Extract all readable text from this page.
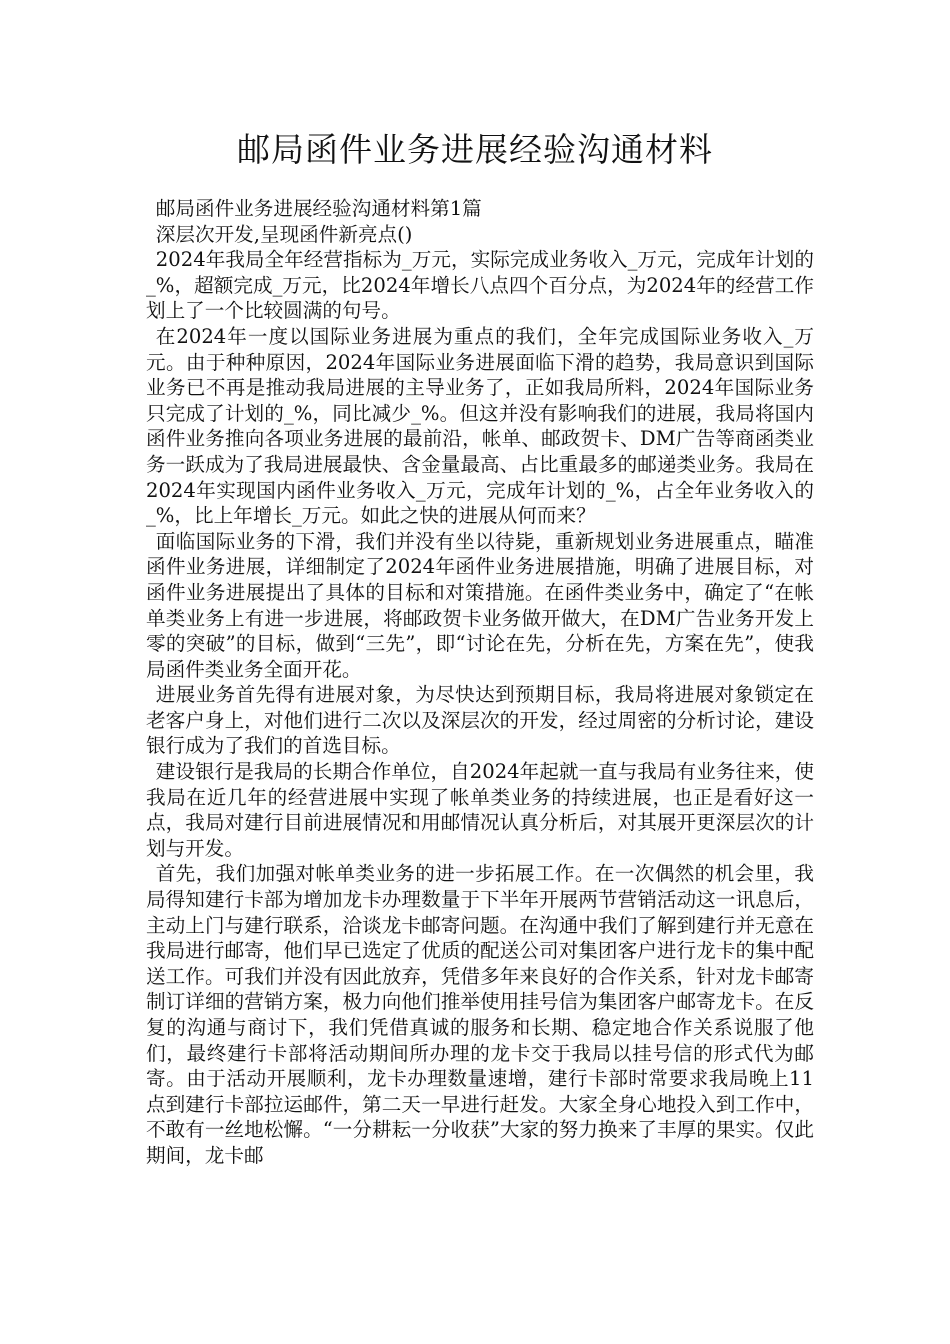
邮局函件业务进展经验沟通材料

邮局函件业务进展经验沟通材料第1篇

深层次开发,呈现函件新亮点()

2024年我局全年经营指标为_万元，实际完成业务收入_万元，完成年计划的_%，超额完成_万元，比2024年增长八点四个百分点，为2024年的经营工作划上了一个比较圆满的句号。

在2024年一度以国际业务进展为重点的我们，全年完成国际业务收入_万元。由于种种原因，2024年国际业务进展面临下滑的趋势，我局意识到国际业务已不再是推动我局进展的主导业务了，正如我局所料，2024年国际业务只完成了计划的_%，同比减少_%。但这并没有影响我们的进展，我局将国内函件业务推向各项业务进展的最前沿，帐单、邮政贺卡、DM广告等商函类业务一跃成为了我局进展最快、含金量最高、占比重最多的邮递类业务。我局在2024年实现国内函件业务收入_万元，完成年计划的_%，占全年业务收入的_%，比上年增长_万元。如此之快的进展从何而来？

面临国际业务的下滑，我们并没有坐以待毙，重新规划业务进展重点，瞄准函件业务进展，详细制定了2024年函件业务进展措施，明确了进展目标，对函件业务进展提出了具体的目标和对策措施。在函件类业务中，确定了“在帐单类业务上有进一步进展，将邮政贺卡业务做开做大，在DM广告业务开发上零的突破”的目标，做到“三先”，即“讨论在先，分析在先，方案在先”，使我局函件类业务全面开花。

进展业务首先得有进展对象，为尽快达到预期目标，我局将进展对象锁定在老客户身上，对他们进行二次以及深层次的开发，经过周密的分析讨论，建设银行成为了我们的首选目标。

建设银行是我局的长期合作单位，自2024年起就一直与我局有业务往来，使我局在近几年的经营进展中实现了帐单类业务的持续进展，也正是看好这一点，我局对建行目前进展情况和用邮情况认真分析后，对其展开更深层次的计划与开发。

首先，我们加强对帐单类业务的进一步拓展工作。在一次偶然的机会里，我局得知建行卡部为增加龙卡办理数量于下半年开展两节营销活动这一讯息后，主动上门与建行联系，洽谈龙卡邮寄问题。在沟通中我们了解到建行并无意在我局进行邮寄，他们早已选定了优质的配送公司对集团客户进行龙卡的集中配送工作。可我们并没有因此放弃，凭借多年来良好的合作关系，针对龙卡邮寄制订详细的营销方案，极力向他们推举使用挂号信为集团客户邮寄龙卡。在反复的沟通与商讨下，我们凭借真诚的服务和长期、稳定地合作关系说服了他们，最终建行卡部将活动期间所办理的龙卡交于我局以挂号信的形式代为邮寄。由于活动开展顺利，龙卡办理数量速增，建行卡部时常要求我局晚上11点到建行卡部拉运邮件，第二天一早进行赶发。大家全身心地投入到工作中，不敢有一丝地松懈。“一分耕耘一分收获”大家的努力换来了丰厚的果实。仅此期间，龙卡邮
